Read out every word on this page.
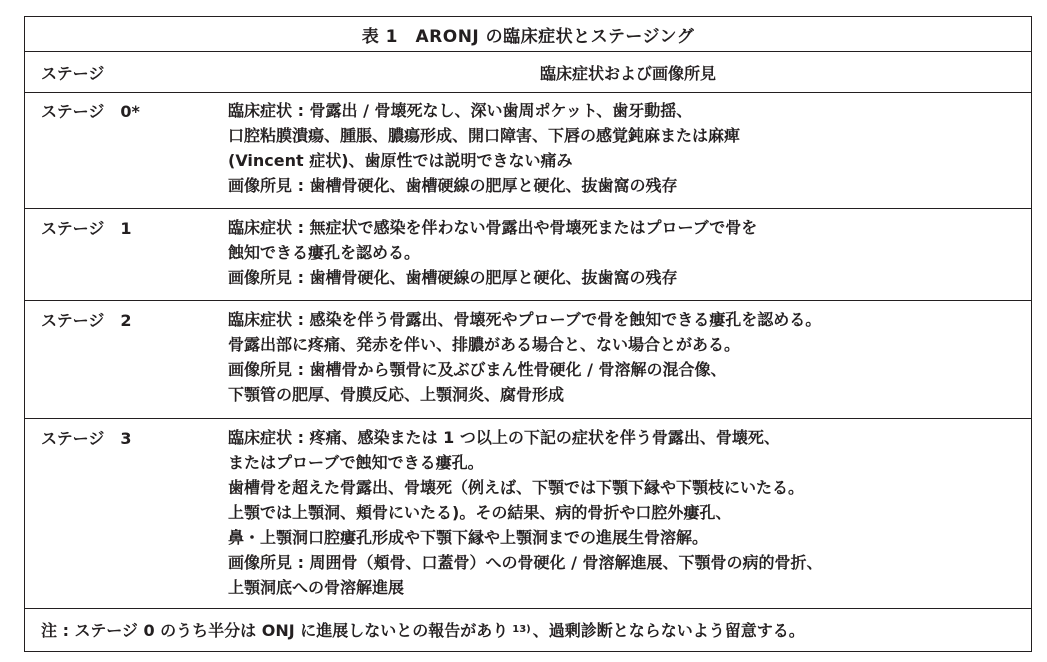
表 1　ARONJ の臨床症状とステージング
ステージ	臨床症状および画像所見
ステージ　0*	臨床症状 : 骨露出 / 骨壊死なし、深い歯周ポケット、歯牙動揺、
口腔粘膜潰瘍、腫脹、膿瘍形成、開口障害、下唇の感覚鈍麻または麻痺
(Vincent 症状)、歯原性では説明できない痛み
画像所見 : 歯槽骨硬化、歯槽硬線の肥厚と硬化、抜歯窩の残存
ステージ　1	臨床症状 : 無症状で感染を伴わない骨露出や骨壊死またはプローブで骨を
蝕知できる瘻孔を認める。
画像所見 : 歯槽骨硬化、歯槽硬線の肥厚と硬化、抜歯窩の残存
ステージ　2	臨床症状 : 感染を伴う骨露出、骨壊死やプローブで骨を蝕知できる瘻孔を認める。
骨露出部に疼痛、発赤を伴い、排膿がある場合と、ない場合とがある。
画像所見 : 歯槽骨から顎骨に及ぶびまん性骨硬化 / 骨溶解の混合像、
下顎管の肥厚、骨膜反応、上顎洞炎、腐骨形成
ステージ　3	臨床症状 : 疼痛、感染または 1 つ以上の下記の症状を伴う骨露出、骨壊死、
またはプローブで蝕知できる瘻孔。
歯槽骨を超えた骨露出、骨壊死（例えば、下顎では下顎下縁や下顎枝にいたる。
上顎では上顎洞、頬骨にいたる)。その結果、病的骨折や口腔外瘻孔、
鼻・上顎洞口腔瘻孔形成や下顎下縁や上顎洞までの進展生骨溶解。
画像所見 : 周囲骨（頬骨、口蓋骨）への骨硬化 / 骨溶解進展、下顎骨の病的骨折、
上顎洞底への骨溶解進展
注 : ステージ 0 のうち半分は ONJ に進展しないとの報告があり 13) 、過剰診断とならないよう留意する。
